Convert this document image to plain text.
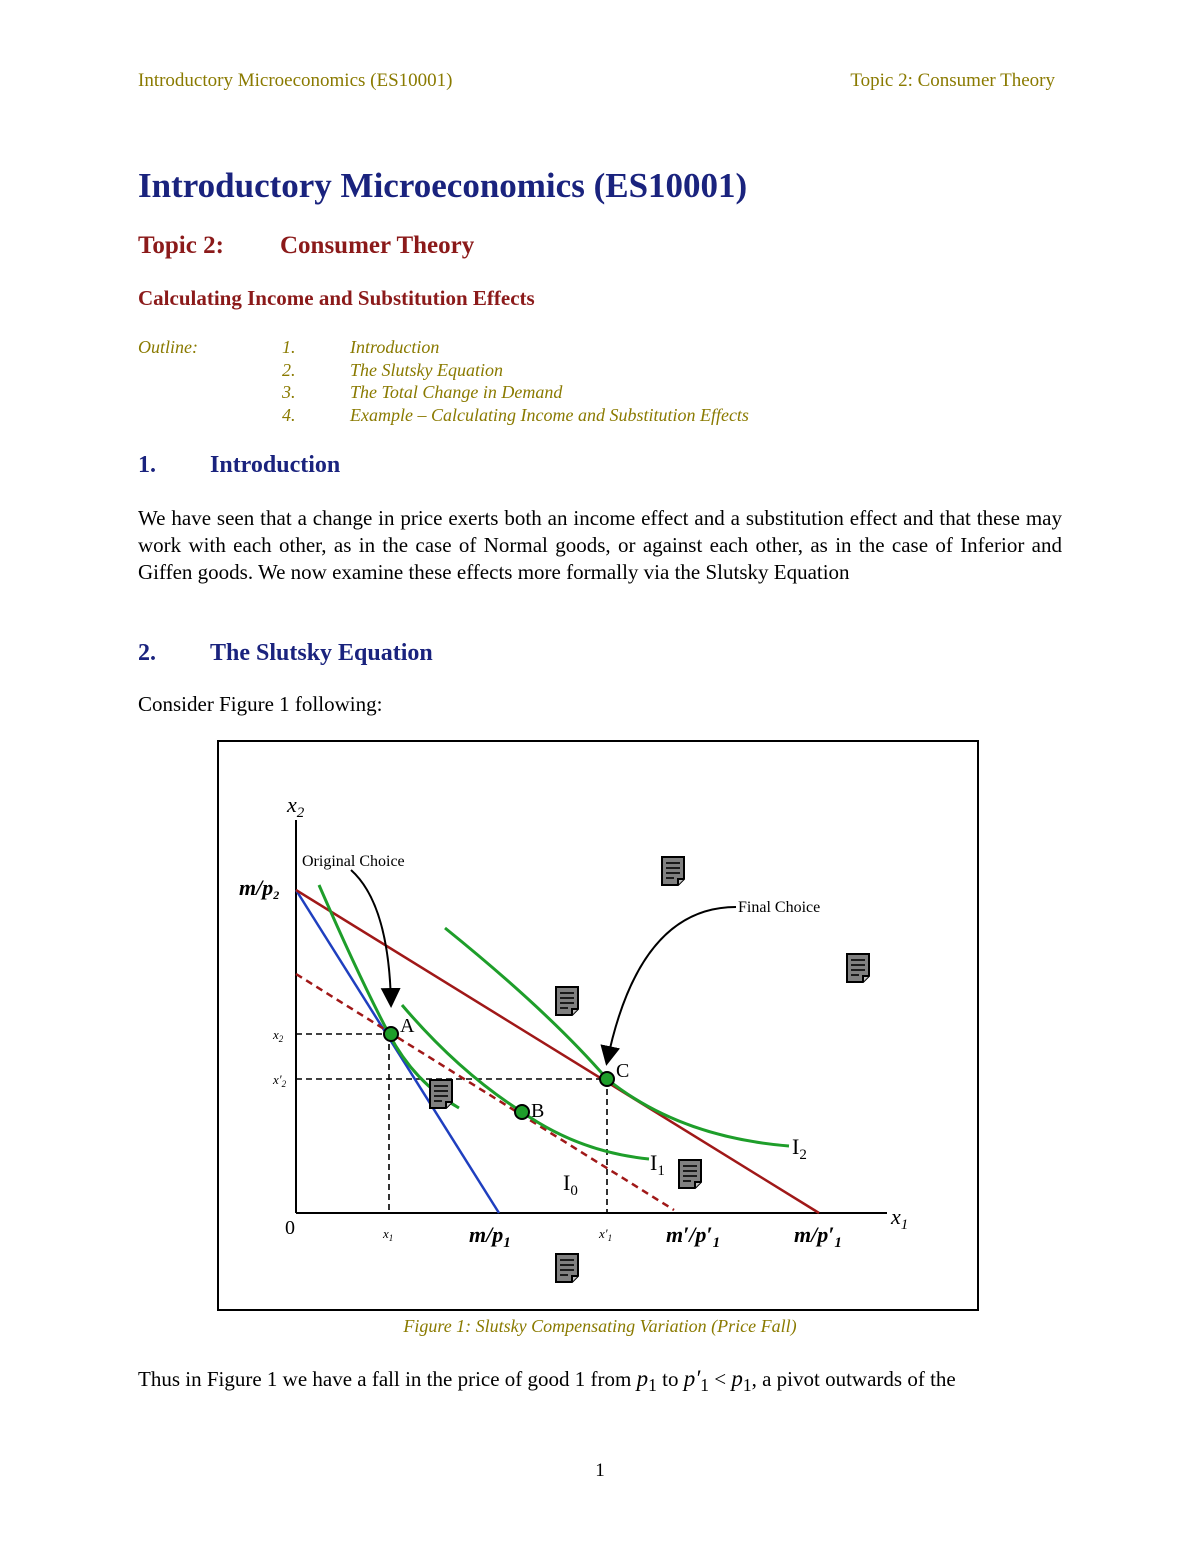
Introductory Microeconomics (ES10001)	Topic 2: Consumer Theory
Introductory Microeconomics (ES10001)
Topic 2: Consumer Theory
Calculating Income and Substitution Effects
Outline:	1.	Introduction
2.	The Slutsky Equation
3.	The Total Change in Demand
4.	Example – Calculating Income and Substitution Effects
1. Introduction
We have seen that a change in price exerts both an income effect and a substitution effect and that these may work with each other, as in the case of Normal goods, or against each other, as in the case of Inferior and Giffen goods. We now examine these effects more formally via the Slutsky Equation
2. The Slutsky Equation
Consider Figure 1 following:
$x_2$
$x_1$
0
Original Choice
Final Choice
A
B
C
$I_0$
$I_1$
$I_2$
m/p2
$m/p_1$	$m'/p'_1$	$m/p'_1$
$x_1$	$x'_1$
$x_2$
$x'_2$
Figure 1: Slutsky Compensating Variation (Price Fall)
Thus in Figure 1 we have a fall in the price of good 1 from $p_1$ to $p'_1 < p_1$, a pivot outwards of the
1
